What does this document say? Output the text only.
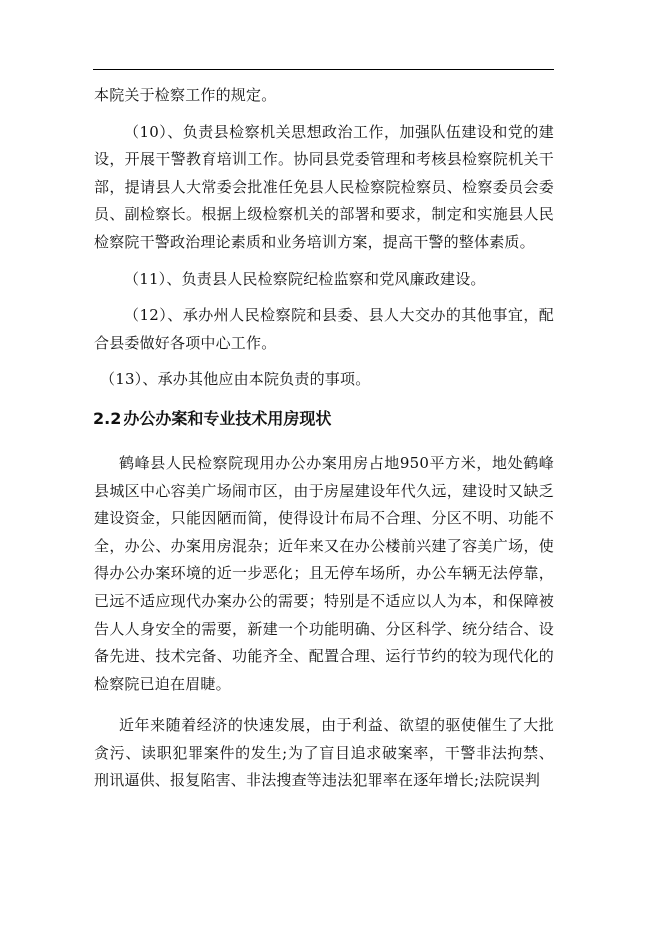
本院关于检察工作的规定。

（10）、负责县检察机关思想政治工作，加强队伍建设和党的建设，开展干警教育培训工作。协同县党委管理和考核县检察院机关干部，提请县人大常委会批准任免县人民检察院检察员、检察委员会委员、副检察长。根据上级检察机关的部署和要求，制定和实施县人民检察院干警政治理论素质和业务培训方案，提高干警的整体素质。

（11）、负责县人民检察院纪检监察和党风廉政建设。

（12）、承办州人民检察院和县委、县人大交办的其他事宜，配合县委做好各项中心工作。

（13）、承办其他应由本院负责的事项。

2.2 办公办案和专业技术用房现状

鹤峰县人民检察院现用办公办案用房占地950平方米，地处鹤峰县城区中心容美广场闹市区，由于房屋建设年代久远，建设时又缺乏建设资金，只能因陋而简，使得设计布局不合理、分区不明、功能不全，办公、办案用房混杂；近年来又在办公楼前兴建了容美广场，使得办公办案环境的近一步恶化；且无停车场所，办公车辆无法停靠，已远不适应现代办案办公的需要；特别是不适应以人为本，和保障被告人人身安全的需要，新建一个功能明确、分区科学、统分结合、设备先进、技术完备、功能齐全、配置合理、运行节约的较为现代化的检察院已迫在眉睫。

近年来随着经济的快速发展，由于利益、欲望的驱使催生了大批贪污、读职犯罪案件的发生;为了盲目追求破案率，干警非法拘禁、刑讯逼供、报复陷害、非法搜查等违法犯罪率在逐年增长;法院误判
